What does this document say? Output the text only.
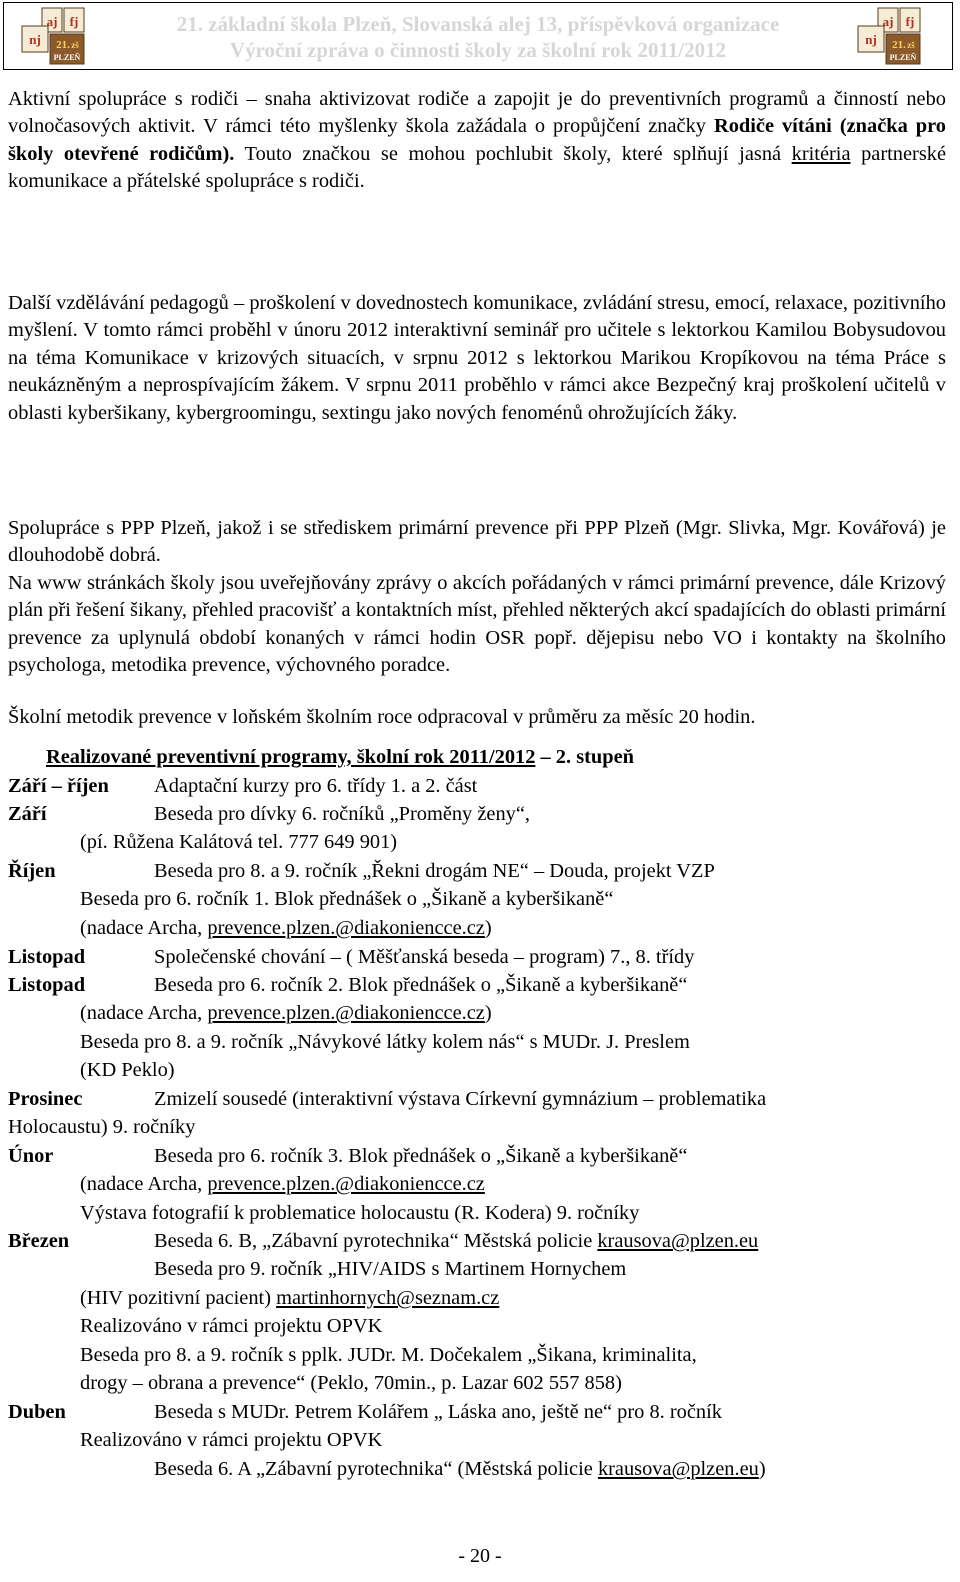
aj fj
nj 21. zš
PLZEŇ
21. základní škola Plzeň, Slovanská alej 13, příspěvková organizace
Výroční zpráva o činnosti školy za školní rok 2011/2012
aj fj
nj 21. zš
PLZEŇ

Aktivní spolupráce s rodiči – snaha aktivizovat rodiče a zapojit je do preventivních programů a činností nebo volnočasových aktivit. V rámci této myšlenky škola zažádala o propůjčení značky Rodiče vítáni (značka pro školy otevřené rodičům). Touto značkou se mohou pochlubit školy, které splňují jasná kritéria partnerské komunikace a přátelské spolupráce s rodiči.

Další vzdělávání pedagogů – proškolení v dovednostech komunikace, zvládání stresu, emocí, relaxace, pozitivního myšlení. V tomto rámci proběhl v únoru 2012 interaktivní seminář pro učitele s lektorkou Kamilou Bobysudovou na téma Komunikace v krizových situacích, v srpnu 2012 s lektorkou Marikou Kropíkovou na téma Práce s neukázněným a neprospívajícím žákem. V srpnu 2011 proběhlo v rámci akce Bezpečný kraj proškolení učitelů v oblasti kyberšikany, kybergroomingu, sextingu jako nových fenoménů ohrožujících žáky.

Spolupráce s PPP Plzeň, jakož i se střediskem primární prevence při PPP Plzeň (Mgr. Slivka, Mgr. Kovářová) je dlouhodobě dobrá.

Na www stránkách školy jsou uveřejňovány zprávy o akcích pořádaných v rámci primární prevence, dále Krizový plán při řešení šikany, přehled pracovišť a kontaktních míst, přehled některých akcí spadajících do oblasti primární prevence za uplynulá období konaných v rámci hodin OSR popř. dějepisu nebo VO i kontakty na školního psychologa, metodika prevence, výchovného poradce.

Školní metodik prevence v loňském školním roce odpracoval v průměru za měsíc 20 hodin.

Realizované preventivní programy, školní rok 2011/2012 – 2. stupeň
Září – říjen Adaptační kurzy pro 6. třídy 1. a 2. část
Září	Beseda pro dívky 6. ročníků „Proměny ženy“,
(pí. Růžena Kalátová tel. 777 649 901)
Říjen	Beseda pro 8. a 9. ročník „Řekni drogám NE“ – Douda, projekt VZP
Beseda pro 6. ročník 1. Blok přednášek o „Šikaně a kyberšikaně“
(nadace Archa, prevence.plzen.@diakoniencce.cz)
Listopad	Společenské chování – ( Měšťanská beseda – program) 7., 8. třídy
Listopad	Beseda pro 6. ročník 2. Blok přednášek o „Šikaně a kyberšikaně“
(nadace Archa, prevence.plzen.@diakoniencce.cz)
Beseda pro 8. a 9. ročník „Návykové látky kolem nás“ s MUDr. J. Preslem
(KD Peklo)
Prosinec	Zmizelí sousedé (interaktivní výstava Církevní gymnázium – problematika
Holocaustu) 9. ročníky
Únor	Beseda pro 6. ročník 3. Blok přednášek o „Šikaně a kyberšikaně“
(nadace Archa, prevence.plzen.@diakoniencce.cz
Výstava fotografií k problematice holocaustu (R. Kodera) 9. ročníky
Březen	Beseda 6. B, „Zábavní pyrotechnika“ Městská policie krausova@plzen.eu
Beseda pro 9. ročník „HIV/AIDS s Martinem Hornychem
(HIV pozitivní pacient) martinhornych@seznam.cz
Realizováno v rámci projektu OPVK
Beseda pro 8. a 9. ročník s pplk. JUDr. M. Dočekalem „Šikana, kriminalita,
drogy – obrana a prevence“ (Peklo, 70min., p. Lazar 602 557 858)
Duben	Beseda s MUDr. Petrem Kolářem „ Láska ano, ještě ne“ pro 8. ročník
Realizováno v rámci projektu OPVK
Beseda 6. A „Zábavní pyrotechnika“ (Městská policie krausova@plzen.eu)
- 20 -
